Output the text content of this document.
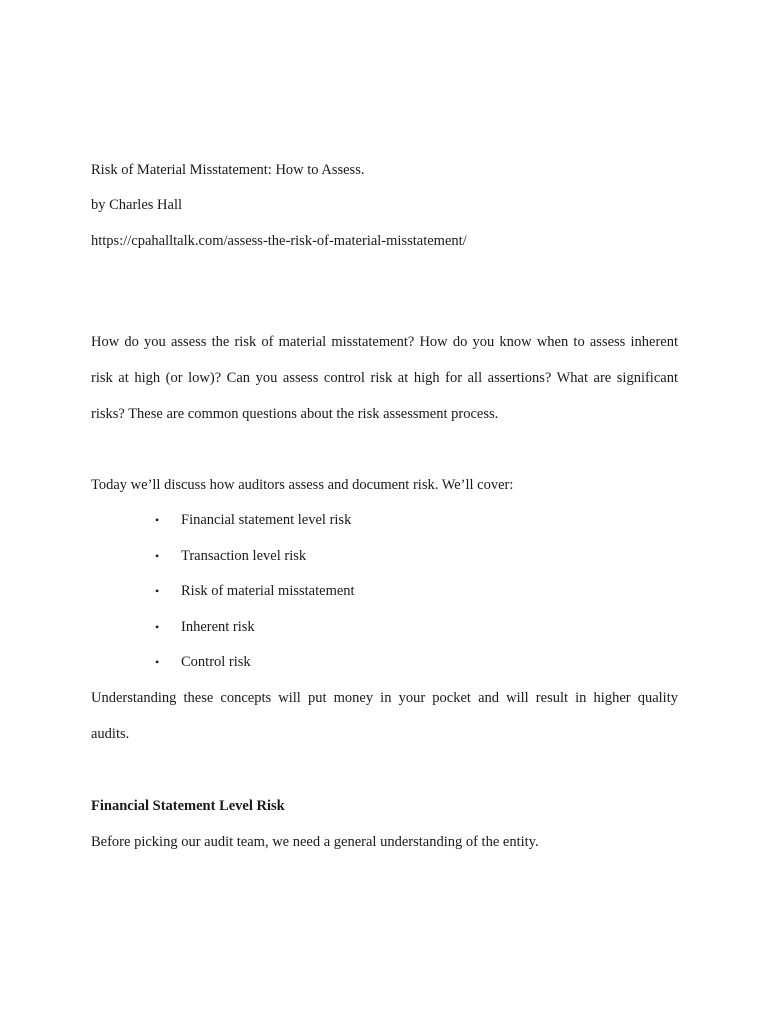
Risk of Material Misstatement: How to Assess.
by Charles Hall
https://cpahalltalk.com/assess-the-risk-of-material-misstatement/
How do you assess the risk of material misstatement? How do you know when to assess inherent
risk at high (or low)? Can you assess control risk at high for all assertions? What are significant
risks? These are common questions about the risk assessment process.
Today we’ll discuss how auditors assess and document risk. We’ll cover:
• Financial statement level risk
• Transaction level risk
• Risk of material misstatement
• Inherent risk
• Control risk
Understanding these concepts will put money in your pocket and will result in higher quality
audits.
Financial Statement Level Risk
Before picking our audit team, we need a general understanding of the entity.
